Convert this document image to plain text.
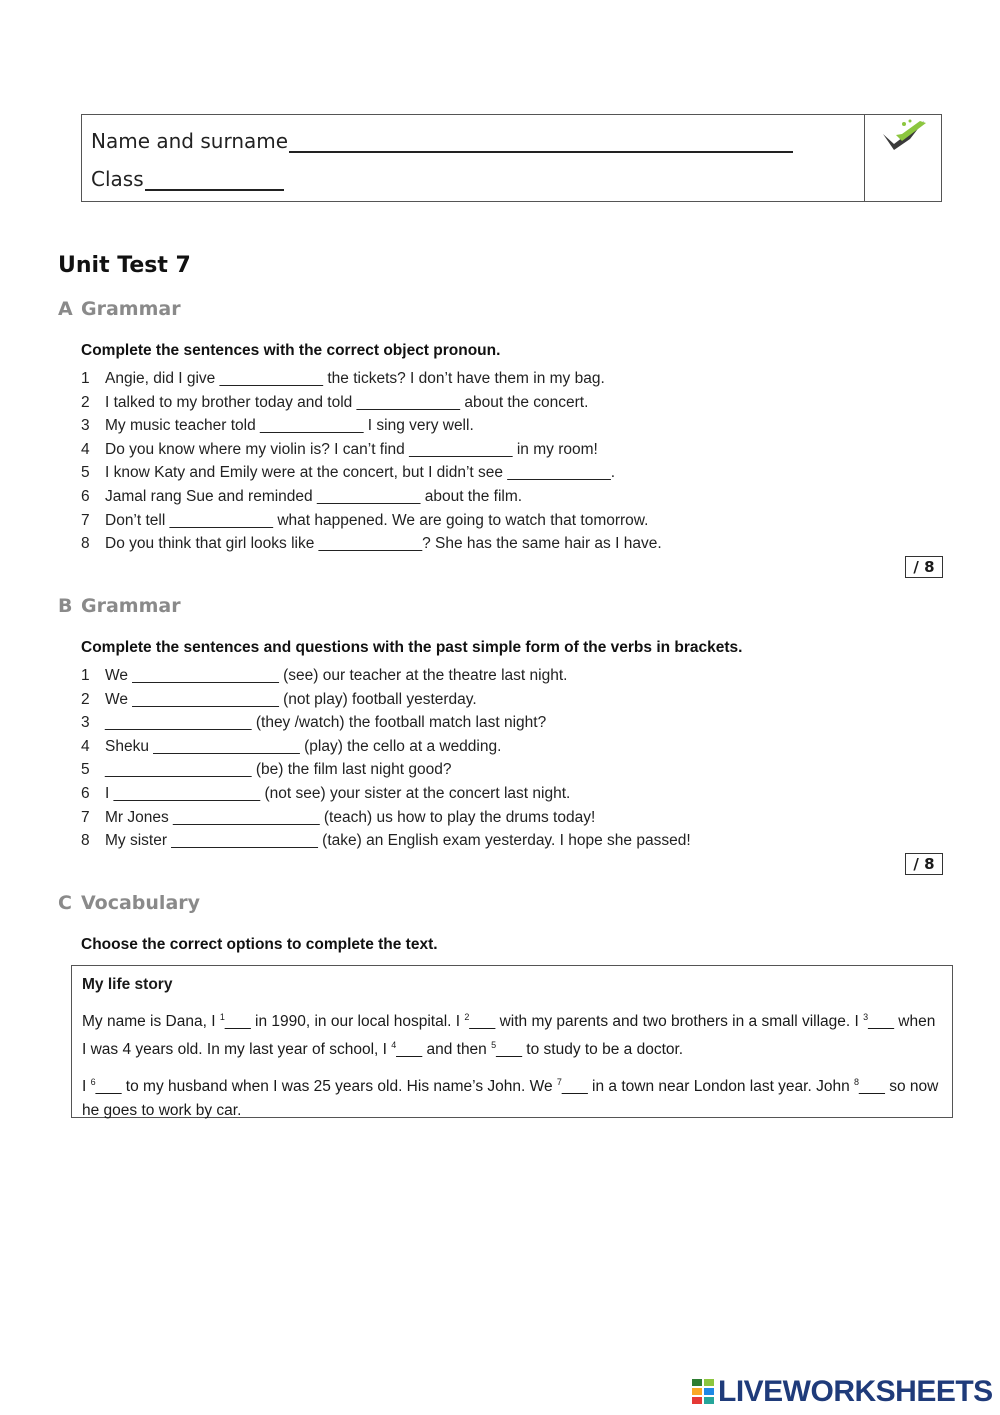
Name and surname
Class
Unit Test 7
A Grammar
Complete the sentences with the correct object pronoun.
1 Angie, did I give ____________ the tickets? I don’t have them in my bag.
2 I talked to my brother today and told ____________ about the concert.
3 My music teacher told ____________ I sing very well.
4 Do you know where my violin is? I can’t find ____________ in my room!
5 I know Katy and Emily were at the concert, but I didn’t see ____________.
6 Jamal rang Sue and reminded ____________ about the film.
7 Don’t tell ____________ what happened. We are going to watch that tomorrow.
8 Do you think that girl looks like ____________? She has the same hair as I have.
/ 8
B Grammar
Complete the sentences and questions with the past simple form of the verbs in brackets.
1 We _________________ (see) our teacher at the theatre last night.
2 We _________________ (not play) football yesterday.
3 _________________ (they /watch) the football match last night?
4 Sheku _________________ (play) the cello at a wedding.
5 _________________ (be) the film last night good?
6 I _________________ (not see) your sister at the concert last night.
7 Mr Jones _________________ (teach) us how to play the drums today!
8 My sister _________________ (take) an English exam yesterday. I hope she passed!
/ 8
C Vocabulary
Choose the correct options to complete the text.
My life story

My name is Dana, I $^1$___ in 1990, in our local hospital. I $^2$___ with my parents and two brothers in a small village. I $^3$___ when I was 4 years old. In my last year of school, I $^4$___ and then $^5$___ to study to be a doctor.

I $^6$___ to my husband when I was 25 years old. His name’s John. We $^7$___ in a town near London last year. John $^8$___ so now he goes to work by car.

LIVEWORKSHEETS
